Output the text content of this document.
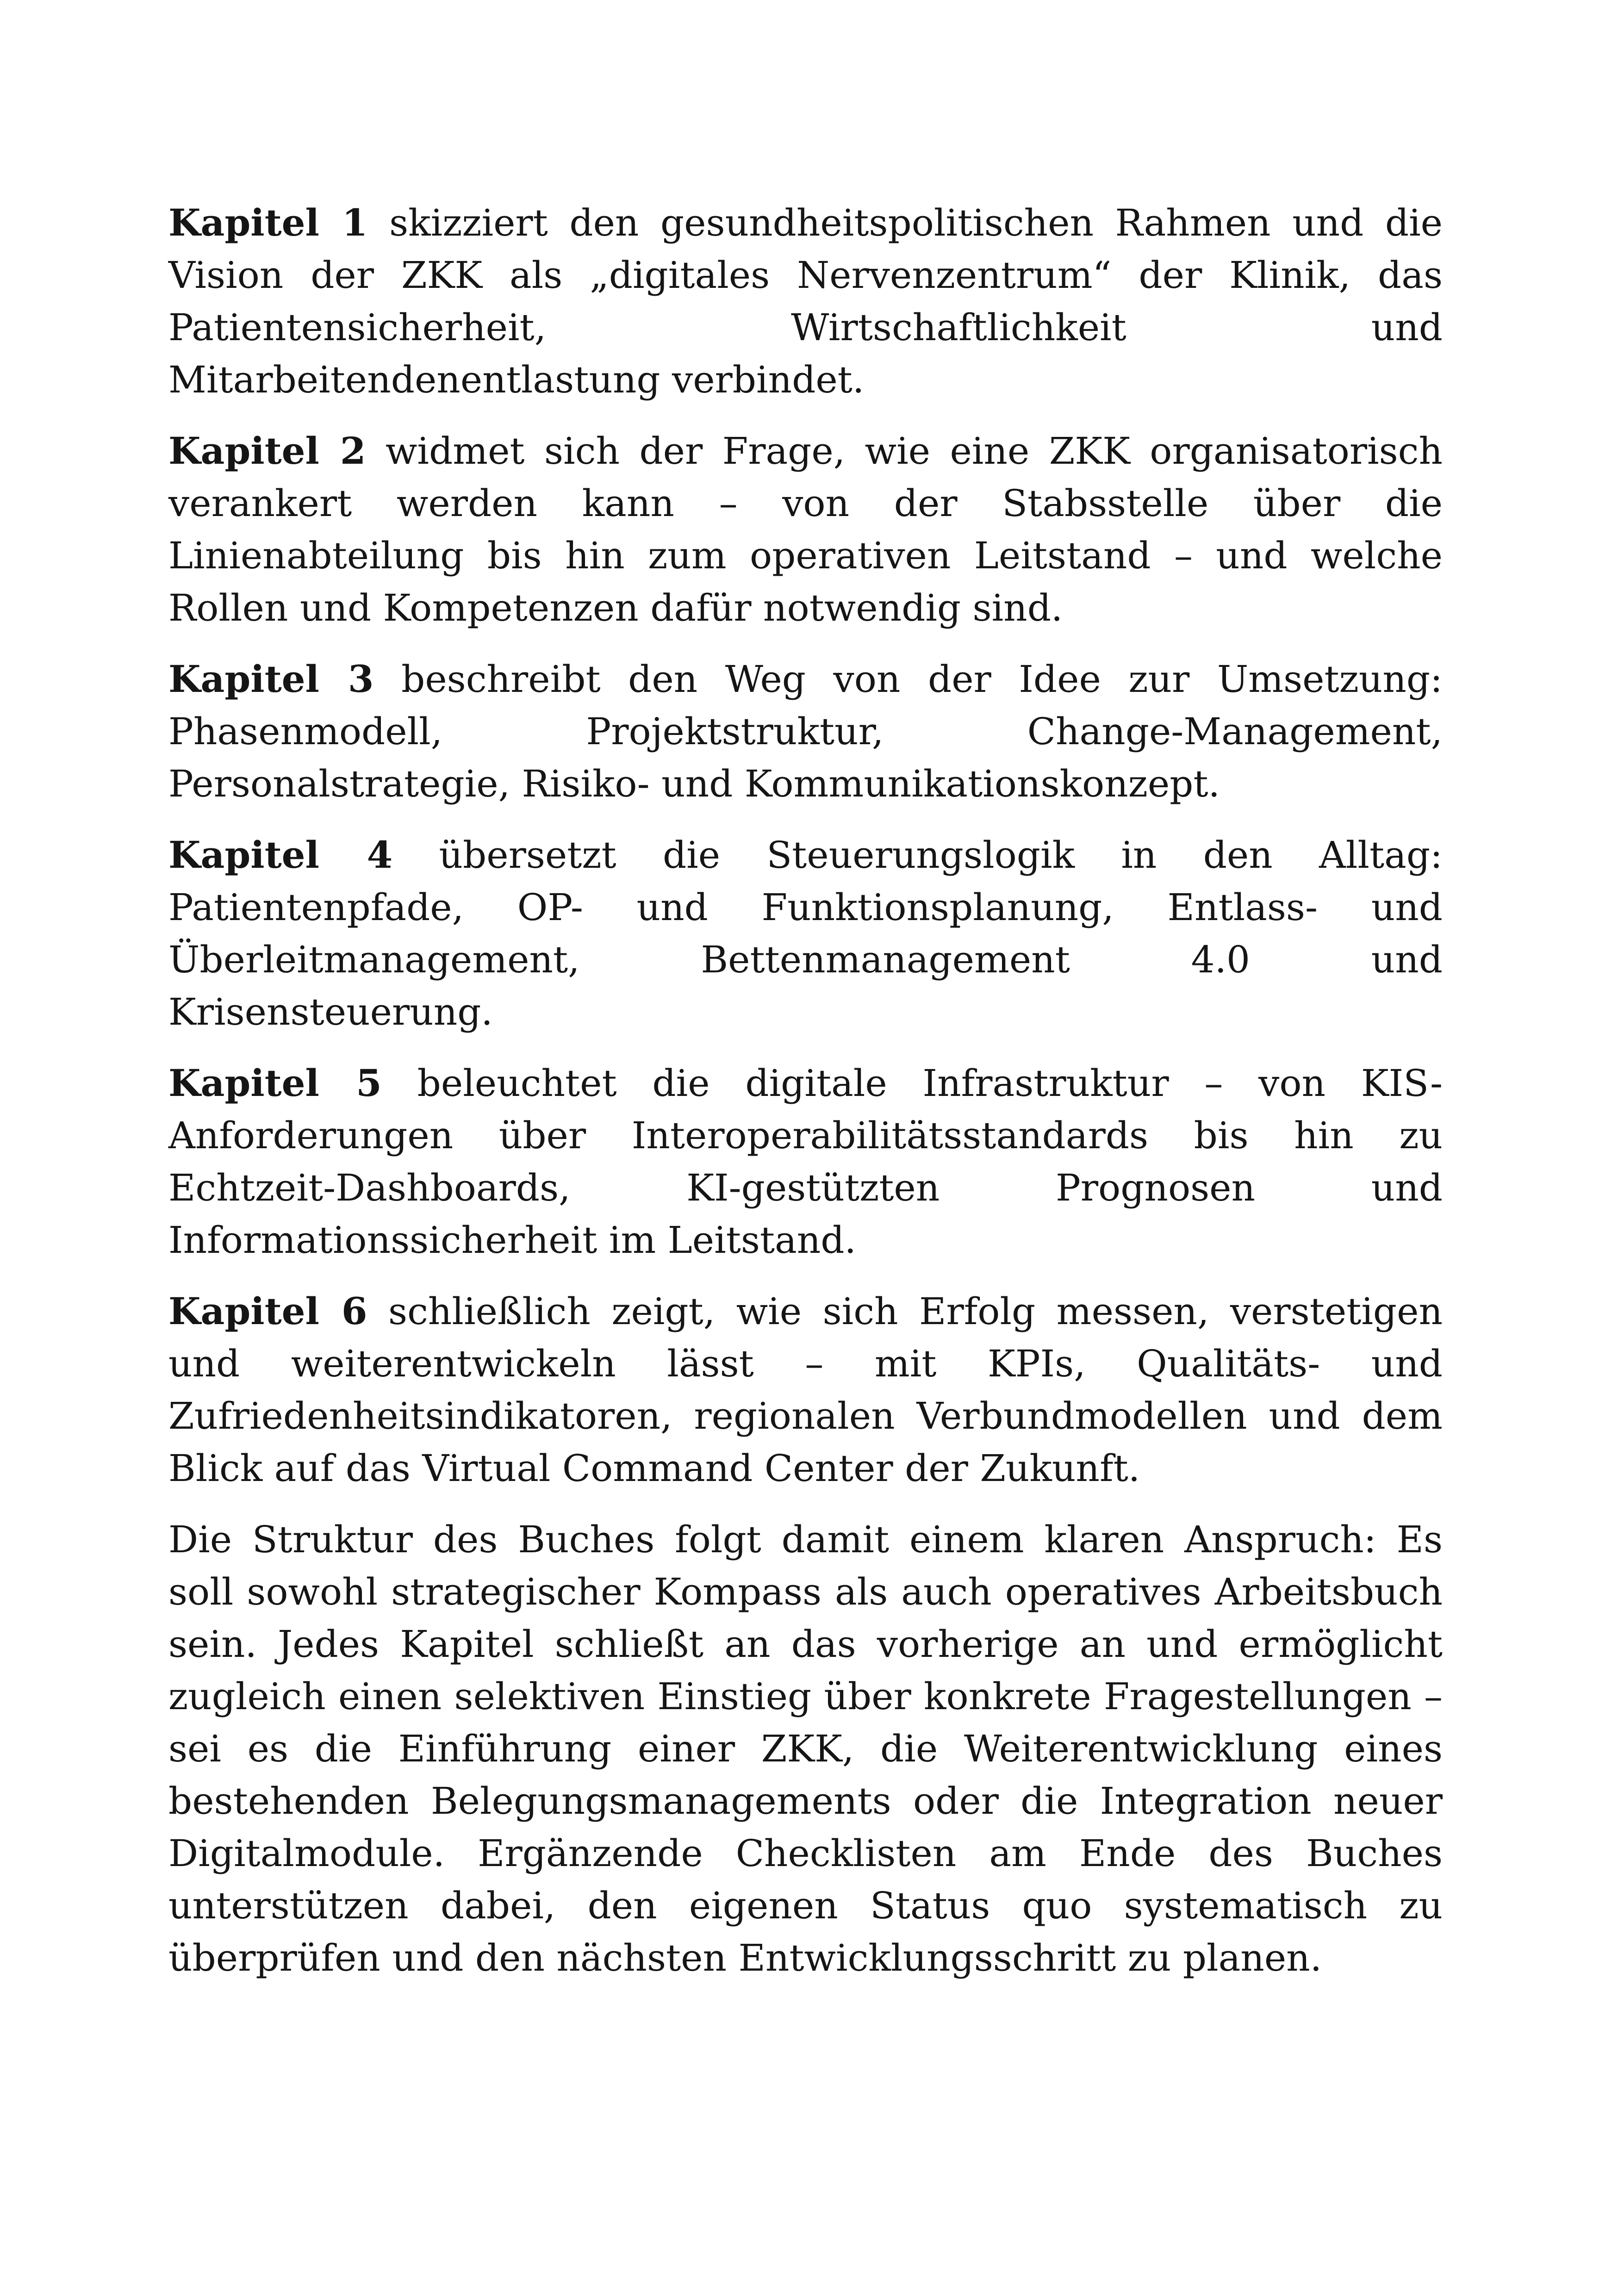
Kapitel 1 skizziert den gesundheitspolitischen Rahmen und die Vision der ZKK als „digitales Nervenzentrum“ der Klinik, das Patientensicherheit, Wirtschaftlichkeit und Mitarbeitendenentlastung verbindet.

Kapitel 2 widmet sich der Frage, wie eine ZKK organisatorisch verankert werden kann – von der Stabsstelle über die Linienabteilung bis hin zum operativen Leitstand – und welche Rollen und Kompetenzen dafür notwendig sind.

Kapitel 3 beschreibt den Weg von der Idee zur Umsetzung: Phasenmodell, Projektstruktur, Change-Management, Personalstrategie, Risiko- und Kommunikationskonzept.

Kapitel 4 übersetzt die Steuerungslogik in den Alltag: Patientenpfade, OP- und Funktionsplanung, Entlass- und Überleitmanagement, Bettenmanagement 4.0 und Krisensteuerung.

Kapitel 5 beleuchtet die digitale Infrastruktur – von KIS-Anforderungen über Interoperabilitätsstandards bis hin zu Echtzeit-Dashboards, KI-gestützten Prognosen und Informationssicherheit im Leitstand.

Kapitel 6 schließlich zeigt, wie sich Erfolg messen, verstetigen und weiterentwickeln lässt – mit KPIs, Qualitäts- und Zufriedenheitsindikatoren, regionalen Verbundmodellen und dem Blick auf das Virtual Command Center der Zukunft.

Die Struktur des Buches folgt damit einem klaren Anspruch: Es soll sowohl strategischer Kompass als auch operatives Arbeitsbuch sein. Jedes Kapitel schließt an das vorherige an und ermöglicht zugleich einen selektiven Einstieg über konkrete Fragestellungen – sei es die Einführung einer ZKK, die Weiterentwicklung eines bestehenden Belegungsmanagements oder die Integration neuer Digitalmodule. Ergänzende Checklisten am Ende des Buches unterstützen dabei, den eigenen Status quo systematisch zu überprüfen und den nächsten Entwicklungsschritt zu planen.
